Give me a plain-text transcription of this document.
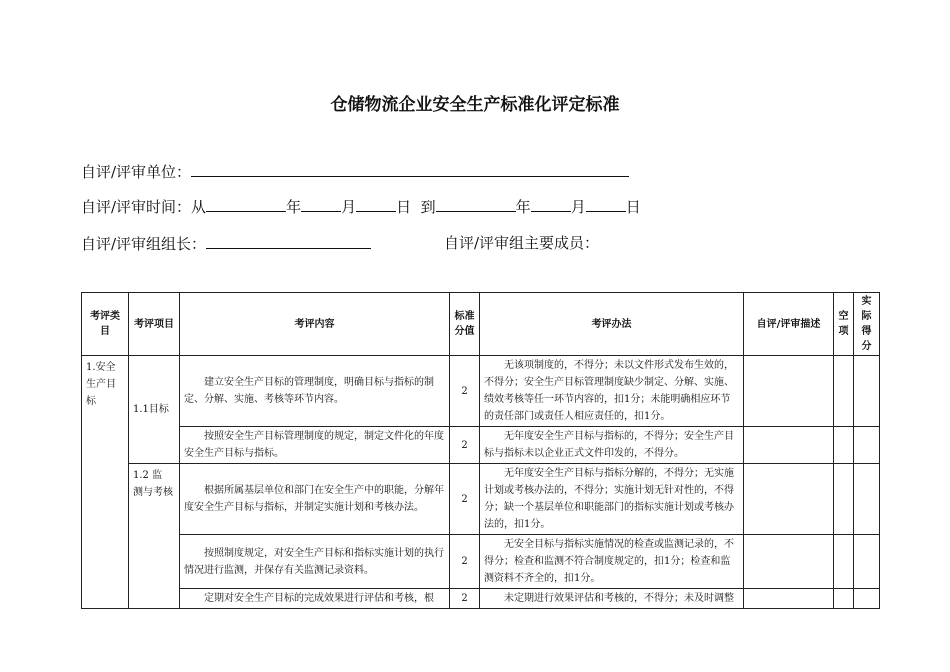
仓储物流企业安全生产标准化评定标准
自评/评审单位：
自评/评审时间：从	年	月	日 到	年	月	日
自评/评审组组长：	自评/评审组主要成员：
考评类目	考评项目	考评内容	标准分值	考评办法	自评/评审描述	空项	实际得分
1.安全生产目标	1.1目标	建立安全生产目标的管理制度，明确目标与指标的制定、分解、实施、考核等环节内容。	2	无该项制度的，不得分；未以文件形式发布生效的，不得分；安全生产目标管理制度缺少制定、分解、实施、绩效考核等任一环节内容的，扣1分；未能明确相应环节的责任部门或责任人相应责任的，扣1分。			
		按照安全生产目标管理制度的规定，制定文件化的年度安全生产目标与指标。	2	无年度安全生产目标与指标的，不得分；安全生产目标与指标未以企业正式文件印发的，不得分。			
	1.2 监 测与考核	根据所属基层单位和部门在安全生产中的职能，分解年度安全生产目标与指标，并制定实施计划和考核办法。	2	无年度安全生产目标与指标分解的，不得分；无实施计划或考核办法的，不得分；实施计划无针对性的，不得分；缺一个基层单位和职能部门的指标实施计划或考核办法的，扣1分。			
		按照制度规定，对安全生产目标和指标实施计划的执行情况进行监测，并保存有关监测记录资料。	2	无安全目标与指标实施情况的检查或监测记录的，不得分；检查和监测不符合制度规定的，扣1分；检查和监测资料不齐全的，扣1分。			
		定期对安全生产目标的完成效果进行评估和考核，根	2	未定期进行效果评估和考核的，不得分；未及时调整			
